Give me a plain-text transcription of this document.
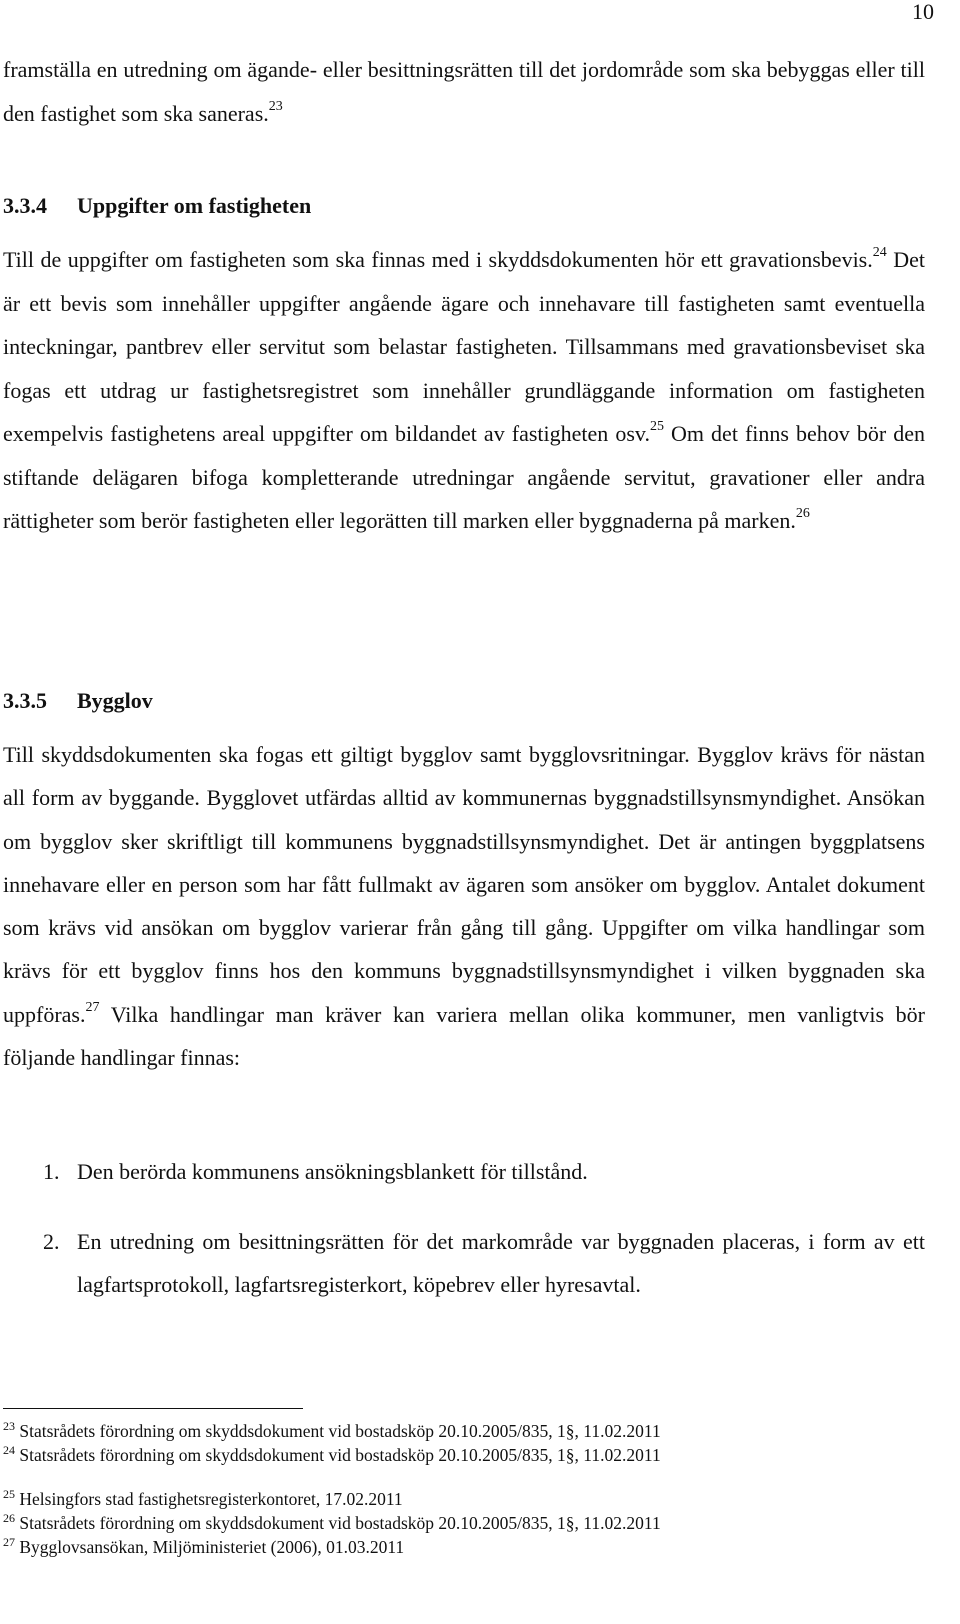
10

framställa en utredning om ägande- eller besittningsrätten till det jordområde som ska bebyggas eller till den fastighet som ska saneras.$^{23}$

3.3.4 Uppgifter om fastigheten

Till de uppgifter om fastigheten som ska finnas med i skyddsdokumenten hör ett gravationsbevis.$^{24}$ Det är ett bevis som innehåller uppgifter angående ägare och innehavare till fastigheten samt eventuella inteckningar, pantbrev eller servitut som belastar fastigheten. Tillsammans med gravationsbeviset ska fogas ett utdrag ur fastighetsregistret som innehåller grundläggande information om fastigheten exempelvis fastighetens areal uppgifter om bildandet av fastigheten osv.$^{25}$ Om det finns behov bör den stiftande delägaren bifoga kompletterande utredningar angående servitut, gravationer eller andra rättigheter som berör fastigheten eller legorätten till marken eller byggnaderna på marken.$^{26}$

3.3.5 Bygglov

Till skyddsdokumenten ska fogas ett giltigt bygglov samt bygglovsritningar. Bygglov krävs för nästan all form av byggande. Bygglovet utfärdas alltid av kommunernas byggnadstillsynsmyndighet. Ansökan om bygglov sker skriftligt till kommunens byggnadstillsynsmyndighet. Det är antingen byggplatsens innehavare eller en person som har fått fullmakt av ägaren som ansöker om bygglov. Antalet dokument som krävs vid ansökan om bygglov varierar från gång till gång. Uppgifter om vilka handlingar som krävs för ett bygglov finns hos den kommuns byggnadstillsynsmyndighet i vilken byggnaden ska uppföras.$^{27}$ Vilka handlingar man kräver kan variera mellan olika kommuner, men vanligtvis bör följande handlingar finnas:

1. Den berörda kommunens ansökningsblankett för tillstånd.
2. En utredning om besittningsrätten för det markområde var byggnaden placeras, i form av ett lagfartsprotokoll, lagfartsregisterkort, köpebrev eller hyresavtal.
$^{23}$ Statsrådets förordning om skyddsdokument vid bostadsköp 20.10.2005/835, 1§, 11.02.2011
$^{24}$ Statsrådets förordning om skyddsdokument vid bostadsköp 20.10.2005/835, 1§, 11.02.2011
$^{25}$ Helsingfors stad fastighetsregisterkontoret, 17.02.2011
$^{26}$ Statsrådets förordning om skyddsdokument vid bostadsköp 20.10.2005/835, 1§, 11.02.2011
$^{27}$ Bygglovsansökan, Miljöministeriet (2006), 01.03.2011
